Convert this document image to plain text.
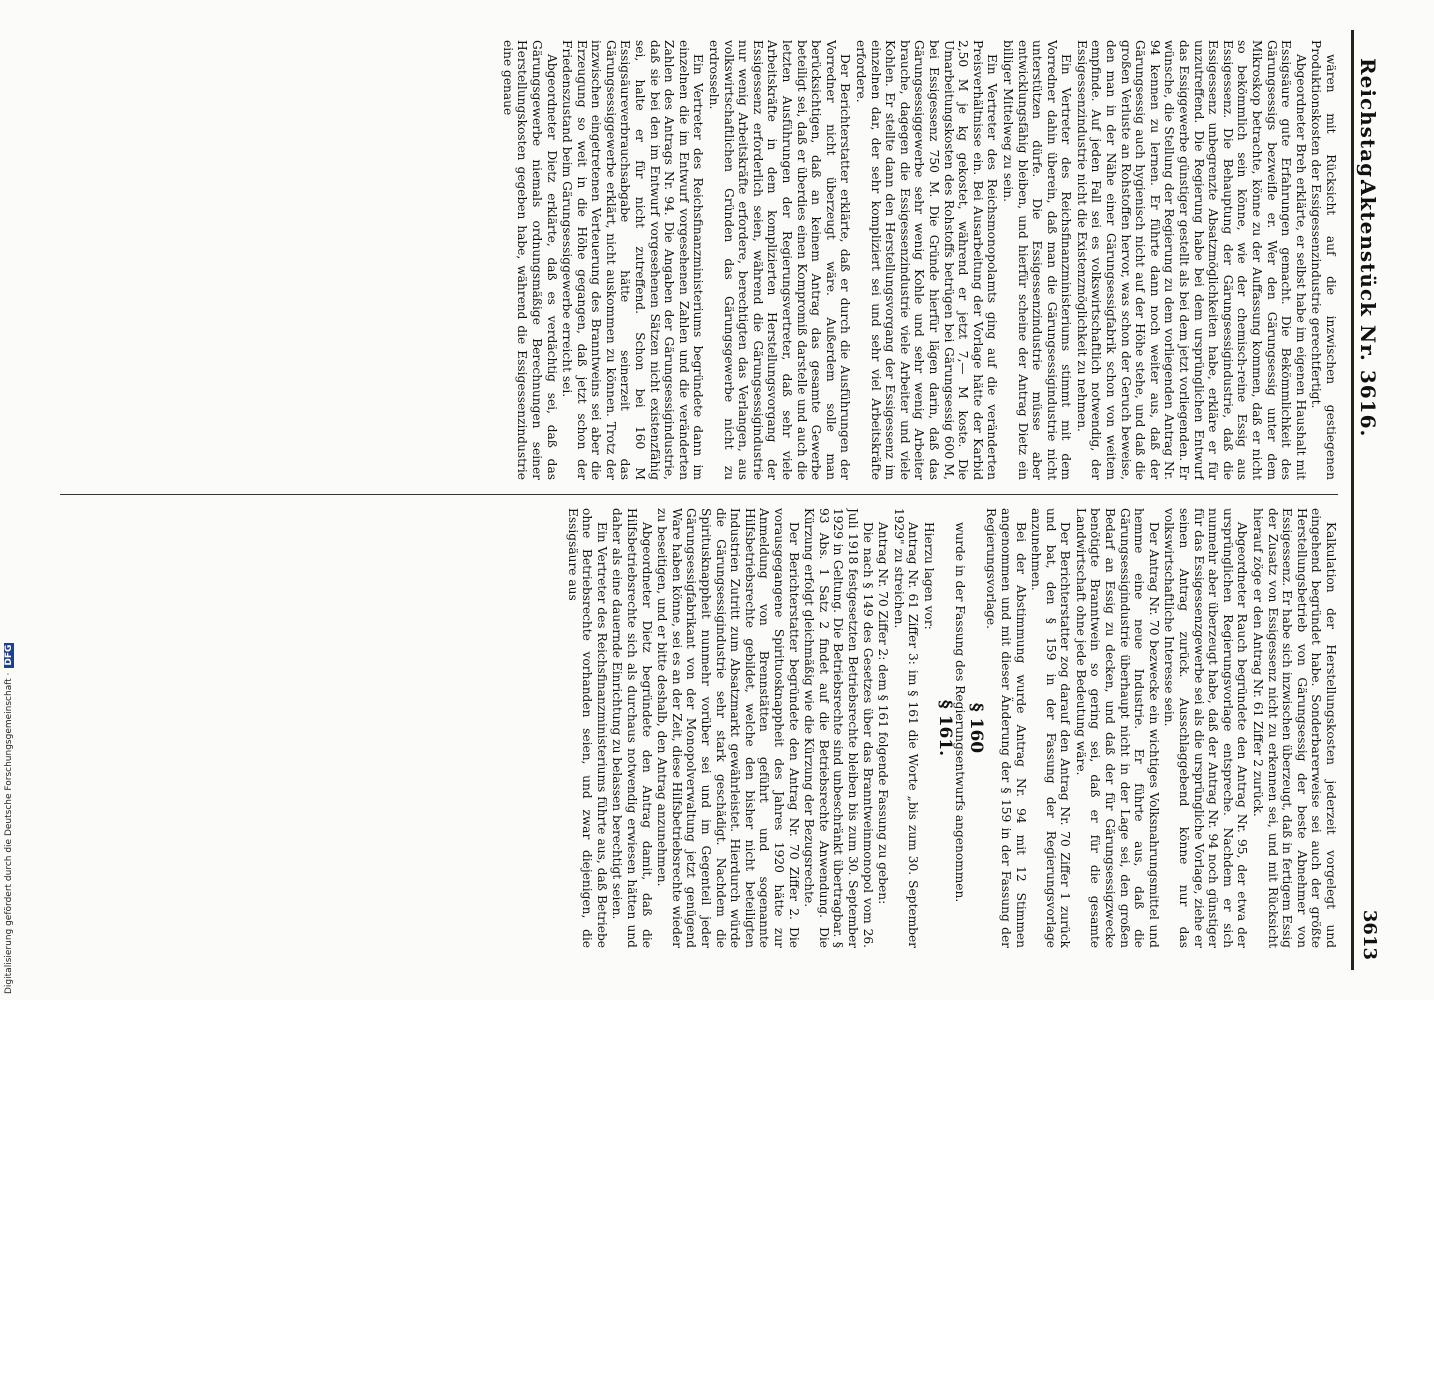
Reichstag.
Aktenstück Nr. 3616.
3613

wären mit Rücksicht auf die inzwischen gestiegenen Produktionskosten der Essigessenzindustrie gerechtfertigt.

Abgeordneter Breh erklärte, er selbst habe im eigenen Haushalt mit Essigsäure gute Erfahrungen gemacht. Die Bekömmlichkeit des Gärungsessigs bezweifle er. Wer den Gärungsessig unter dem Mikroskop betrachte, könne zu der Auffassung kommen, daß er nicht so bekömmlich sein könne, wie der chemisch-reine Essig aus Essigessenz. Die Behauptung der Gärungsessigindustrie, daß die Essigessenz unbegrenzte Absatzmöglichkeiten habe, erkläre er für unzutreffend. Die Regierung habe bei dem ursprünglichen Entwurf das Essiggewerbe günstiger gestellt als bei dem jetzt vorliegenden. Er wünsche, die Stellung der Regierung zu dem vorliegenden Antrag Nr. 94 kennen zu lernen. Er führte dann noch weiter aus, daß der Gärungsessig auch hygienisch nicht auf der Höhe stehe, und daß die großen Verluste an Rohstoffen hervor, was schon der Geruch beweise, den man in der Nähe einer Gärungsessigfabrik schon von weitem empfinde. Auf jeden Fall sei es volkswirtschaftlich notwendig, der Essigessenzindustrie nicht die Existenzmöglichkeit zu nehmen.

Ein Vertreter des Reichsfinanzministeriums stimmt mit dem Vorredner dahin überein, daß man die Gärungsessigindustrie nicht unterstützen dürfe. Die Essigessenzindustrie müsse aber entwicklungsfähig bleiben, und hierfür scheine der Antrag Dietz ein billiger Mittelweg zu sein.

Ein Vertreter des Reichsmonopolamts ging auf die veränderten Preisverhältnisse ein. Bei Ausarbeitung der Vorlage hätte der Karbid 2,50 M je kg gekostet, während er jetzt 7,— M koste. Die Umarbeitungskosten des Rohstoffs betrügen bei Gärungsessig 600 M, bei Essigessenz 750 M. Die Gründe hierfür lägen darin, daß das Gärungsessiggewerbe sehr wenig Kohle und sehr wenig Arbeiter brauche, dagegen die Essigessenzindustrie viele Arbeiter und viele Kohlen. Er stellte dann den Herstellungsvorgang der Essigessenz im einzelnen dar, der sehr kompliziert sei und sehr viel Arbeitskräfte erfordere.

Der Berichterstatter erklärte, daß er durch die Ausführungen der Vorredner nicht überzeugt wäre. Außerdem solle man berücksichtigen, daß an keinem Antrag das gesamte Gewerbe beteiligt sei, daß er überdies einen Kompromiß darstelle und auch die letzten Ausführungen der Regierungsvertreter, daß sehr viele Arbeitskräfte in dem komplizierten Herstellungsvorgang der Essigessenz erforderlich seien, während die Gärungsessigindustrie nur wenig Arbeitskräfte erfordere, berechtigten das Verlangen, aus volkswirtschaftlichen Gründen das Gärungsgewerbe nicht zu erdrosseln.

Ein Vertreter des Reichsfinanzministeriums begründete dann im einzelnen die im Entwurf vorgesehenen Zahlen und die veränderten Zahlen des Antrags Nr. 94. Die Angaben der Gärungsessigindustrie, daß sie bei den im Entwurf vorgesehenen Sätzen nicht existenzfähig sei, halte er für nicht zutreffend. Schon bei 160 M Essigsäureverbrauchsabgabe hätte seinerzeit das Gärungsessiggewerbe erklärt, nicht auskommen zu können. Trotz der inzwischen eingetretenen Verteuerung des Branntweins sei aber die Erzeugung so weit in die Höhe gegangen, daß jetzt schon der Friedenszustand beim Gärungsessiggewerbe erreicht sei.

Abgeordneter Dietz erklärte, daß es verdächtig sei, daß das Gärungsgewerbe niemals ordnungsmäßige Berechnungen seiner Herstellungskosten gegeben habe, während die Essigessenzindustrie eine genaue

Kalkulation der Herstellungskosten jederzeit vorgelegt und eingehend begründet habe. Sonderbarerweise sei auch der größte Herstellungsbetrieb von Gärungsessig der beste Abnehmer von Essigessenz. Er habe sich inzwischen überzeugt, daß in fertigem Essig der Zusatz von Essigessenz nicht zu erkennen sei, und mit Rücksicht hierauf zöge er den Antrag Nr. 61 Ziffer 2 zurück.

Abgeordneter Rauch begründete den Antrag Nr. 95, der etwa der ursprünglichen Regierungsvorlage entspreche. Nachdem er sich nunmehr aber überzeugt habe, daß der Antrag Nr. 94 noch günstiger für das Essigessenzgewerbe sei als die ursprüngliche Vorlage, ziehe er seinen Antrag zurück. Ausschlaggebend könne nur das volkswirtschaftliche Interesse sein.

Der Antrag Nr. 70 bezwecke ein wichtiges Volksnahrungsmittel und hemme eine neue Industrie. Er führte aus, daß die Gärungsessigindustrie überhaupt nicht in der Lage sei, den großen Bedarf an Essig zu decken, und daß der für Gärungsessigzwecke benötigte Branntwein so gering sei, daß er für die gesamte Landwirtschaft ohne jede Bedeutung wäre.

Der Berichterstatter zog darauf den Antrag Nr. 70 Ziffer 1 zurück und bat, den § 159 in der Fassung der Regierungsvorlage anzunehmen.

Bei der Abstimmung wurde Antrag Nr. 94 mit 12 Stimmen angenommen und mit dieser Änderung der § 159 in der Fassung der Regierungsvorlage.

§ 160

wurde in der Fassung des Regierungsentwurfs angenommen.

§ 161.

Hierzu lagen vor:

Antrag Nr. 61 Ziffer 3: im § 161 die Worte „bis zum 30. September 1929" zu streichen.

Antrag Nr. 70 Ziffer 2: dem § 161 folgende Fassung zu geben:

Die nach § 149 des Gesetzes über das Branntweinmonopol vom 26. Juli 1918 festgesetzten Betriebsrechte bleiben bis zum 30. September 1929 in Geltung. Die Betriebsrechte sind unbeschränkt übertragbar. § 93 Abs. 1 Satz 2 findet auf die Betriebsrechte Anwendung. Die Kürzung erfolgt gleichmäßig wie die Kürzung der Bezugsrechte.

Der Berichterstatter begründete den Antrag Nr. 70 Ziffer 2. Die vorausgegangene Spirituosknappheit des Jahres 1920 hätte zur Anmeldung von Brennstätten geführt und sogenannte Hilfsbetriebsrechte gebildet, welche den bisher nicht beteiligten Industrien Zutritt zum Absatzmarkt gewährleistet. Hierdurch würde die Gärungsessigindustrie sehr stark geschädigt. Nachdem die Spiritusknappheit nunmehr vorüber sei und im Gegenteil jeder Gärungsessigfabrikant von der Monopolverwaltung jetzt genügend Ware haben könne, sei es an der Zeit, diese Hilfsbetriebsrechte wieder zu beseitigen, und er bitte deshalb, den Antrag anzunehmen.

Abgeordneter Dietz begründete den Antrag damit, daß die Hilfsbetriebsrechte sich als durchaus notwendig erwiesen hätten und daher als eine dauernde Einrichtung zu belassen berechtigt seien.

Ein Vertreter des Reichsfinanzministeriums führte aus, daß Betriebe ohne Betriebsrechte vorhanden seien, und zwar diejenigen, die Essigsäure aus

Digitalisierung gefördert durch die Deutsche Forschungsgemeinschaft · DFG
